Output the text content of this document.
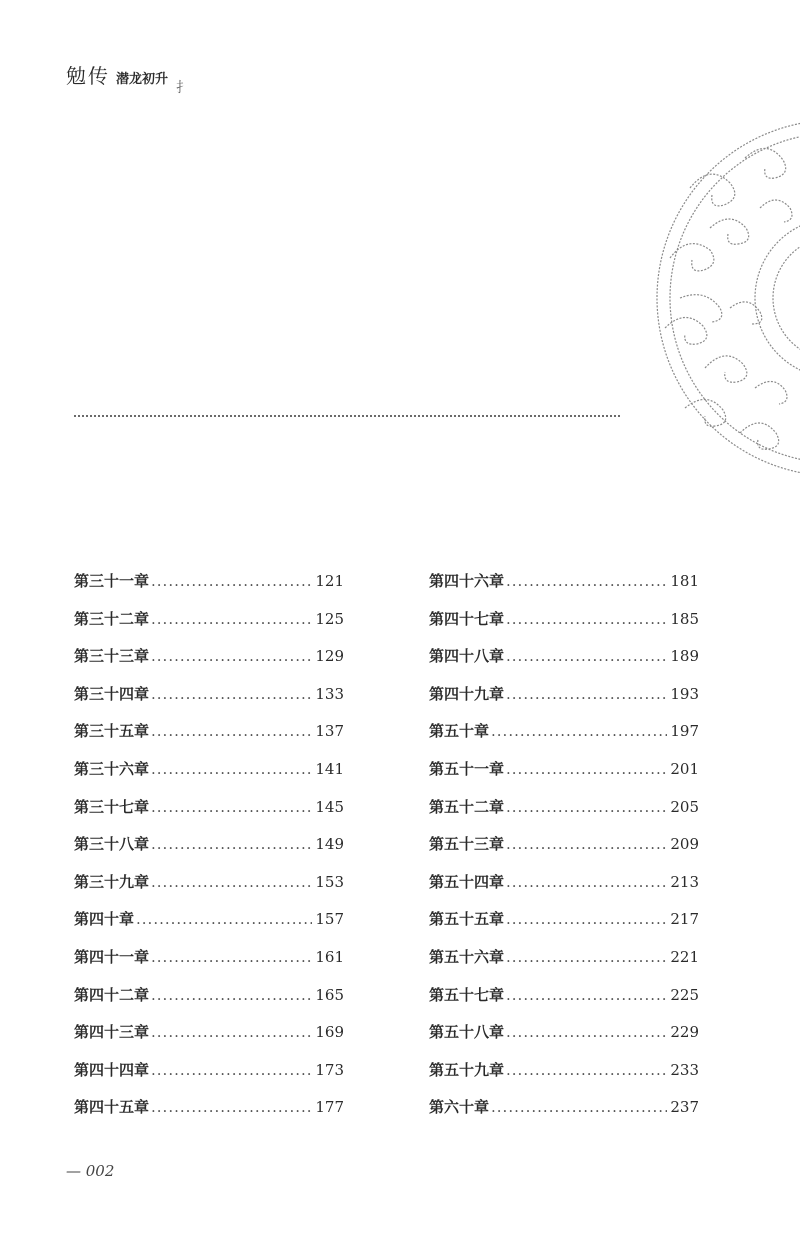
勉传 潜龙初升
⺘
第三十一章 .....	121
第三十二章 .....	125
第三十三章 .....	129
第三十四章 .....	133
第三十五章 .....	137
第三十六章 .....	141
第三十七章 .....	145
第三十八章 .....	149
第三十九章 .....	153
第四十章 .....	157
第四十一章 .....	161
第四十二章 .....	165
第四十三章 .....	169
第四十四章 .....	173
第四十五章 .....	177
第四十六章 .....	181
第四十七章 .....	185
第四十八章 .....	189
第四十九章 .....	193
第五十章 .....	197
第五十一章 .....	201
第五十二章 .....	205
第五十三章 .....	209
第五十四章 .....	213
第五十五章 .....	217
第五十六章 .....	221
第五十七章 .....	225
第五十八章 .....	229
第五十九章 .....	233
第六十章 .....	237
— 002
